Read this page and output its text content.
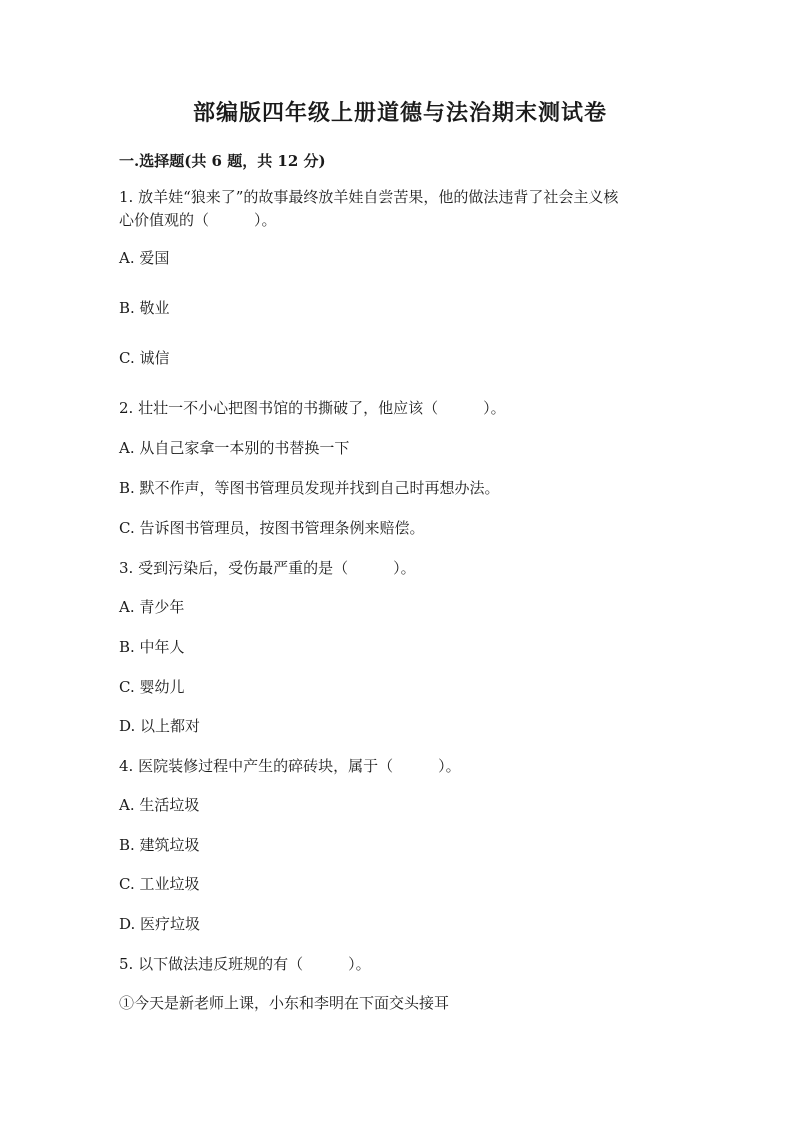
部编版四年级上册道德与法治期末测试卷
一.选择题(共 6 题，共 12 分)
1. 放羊娃“狼来了”的故事最终放羊娃自尝苦果，他的做法违背了社会主义核
心价值观的（　　　）。
A. 爱国
B. 敬业
C. 诚信
2. 壮壮一不小心把图书馆的书撕破了，他应该（　　　）。
A. 从自己家拿一本别的书替换一下
B. 默不作声，等图书管理员发现并找到自己时再想办法。
C. 告诉图书管理员，按图书管理条例来赔偿。
3. 受到污染后，受伤最严重的是（　　　）。
A. 青少年
B. 中年人
C. 婴幼儿
D. 以上都对
4. 医院装修过程中产生的碎砖块，属于（　　　）。
A. 生活垃圾
B. 建筑垃圾
C. 工业垃圾
D. 医疗垃圾
5. 以下做法违反班规的有（　　　）。
①今天是新老师上课，小东和李明在下面交头接耳
